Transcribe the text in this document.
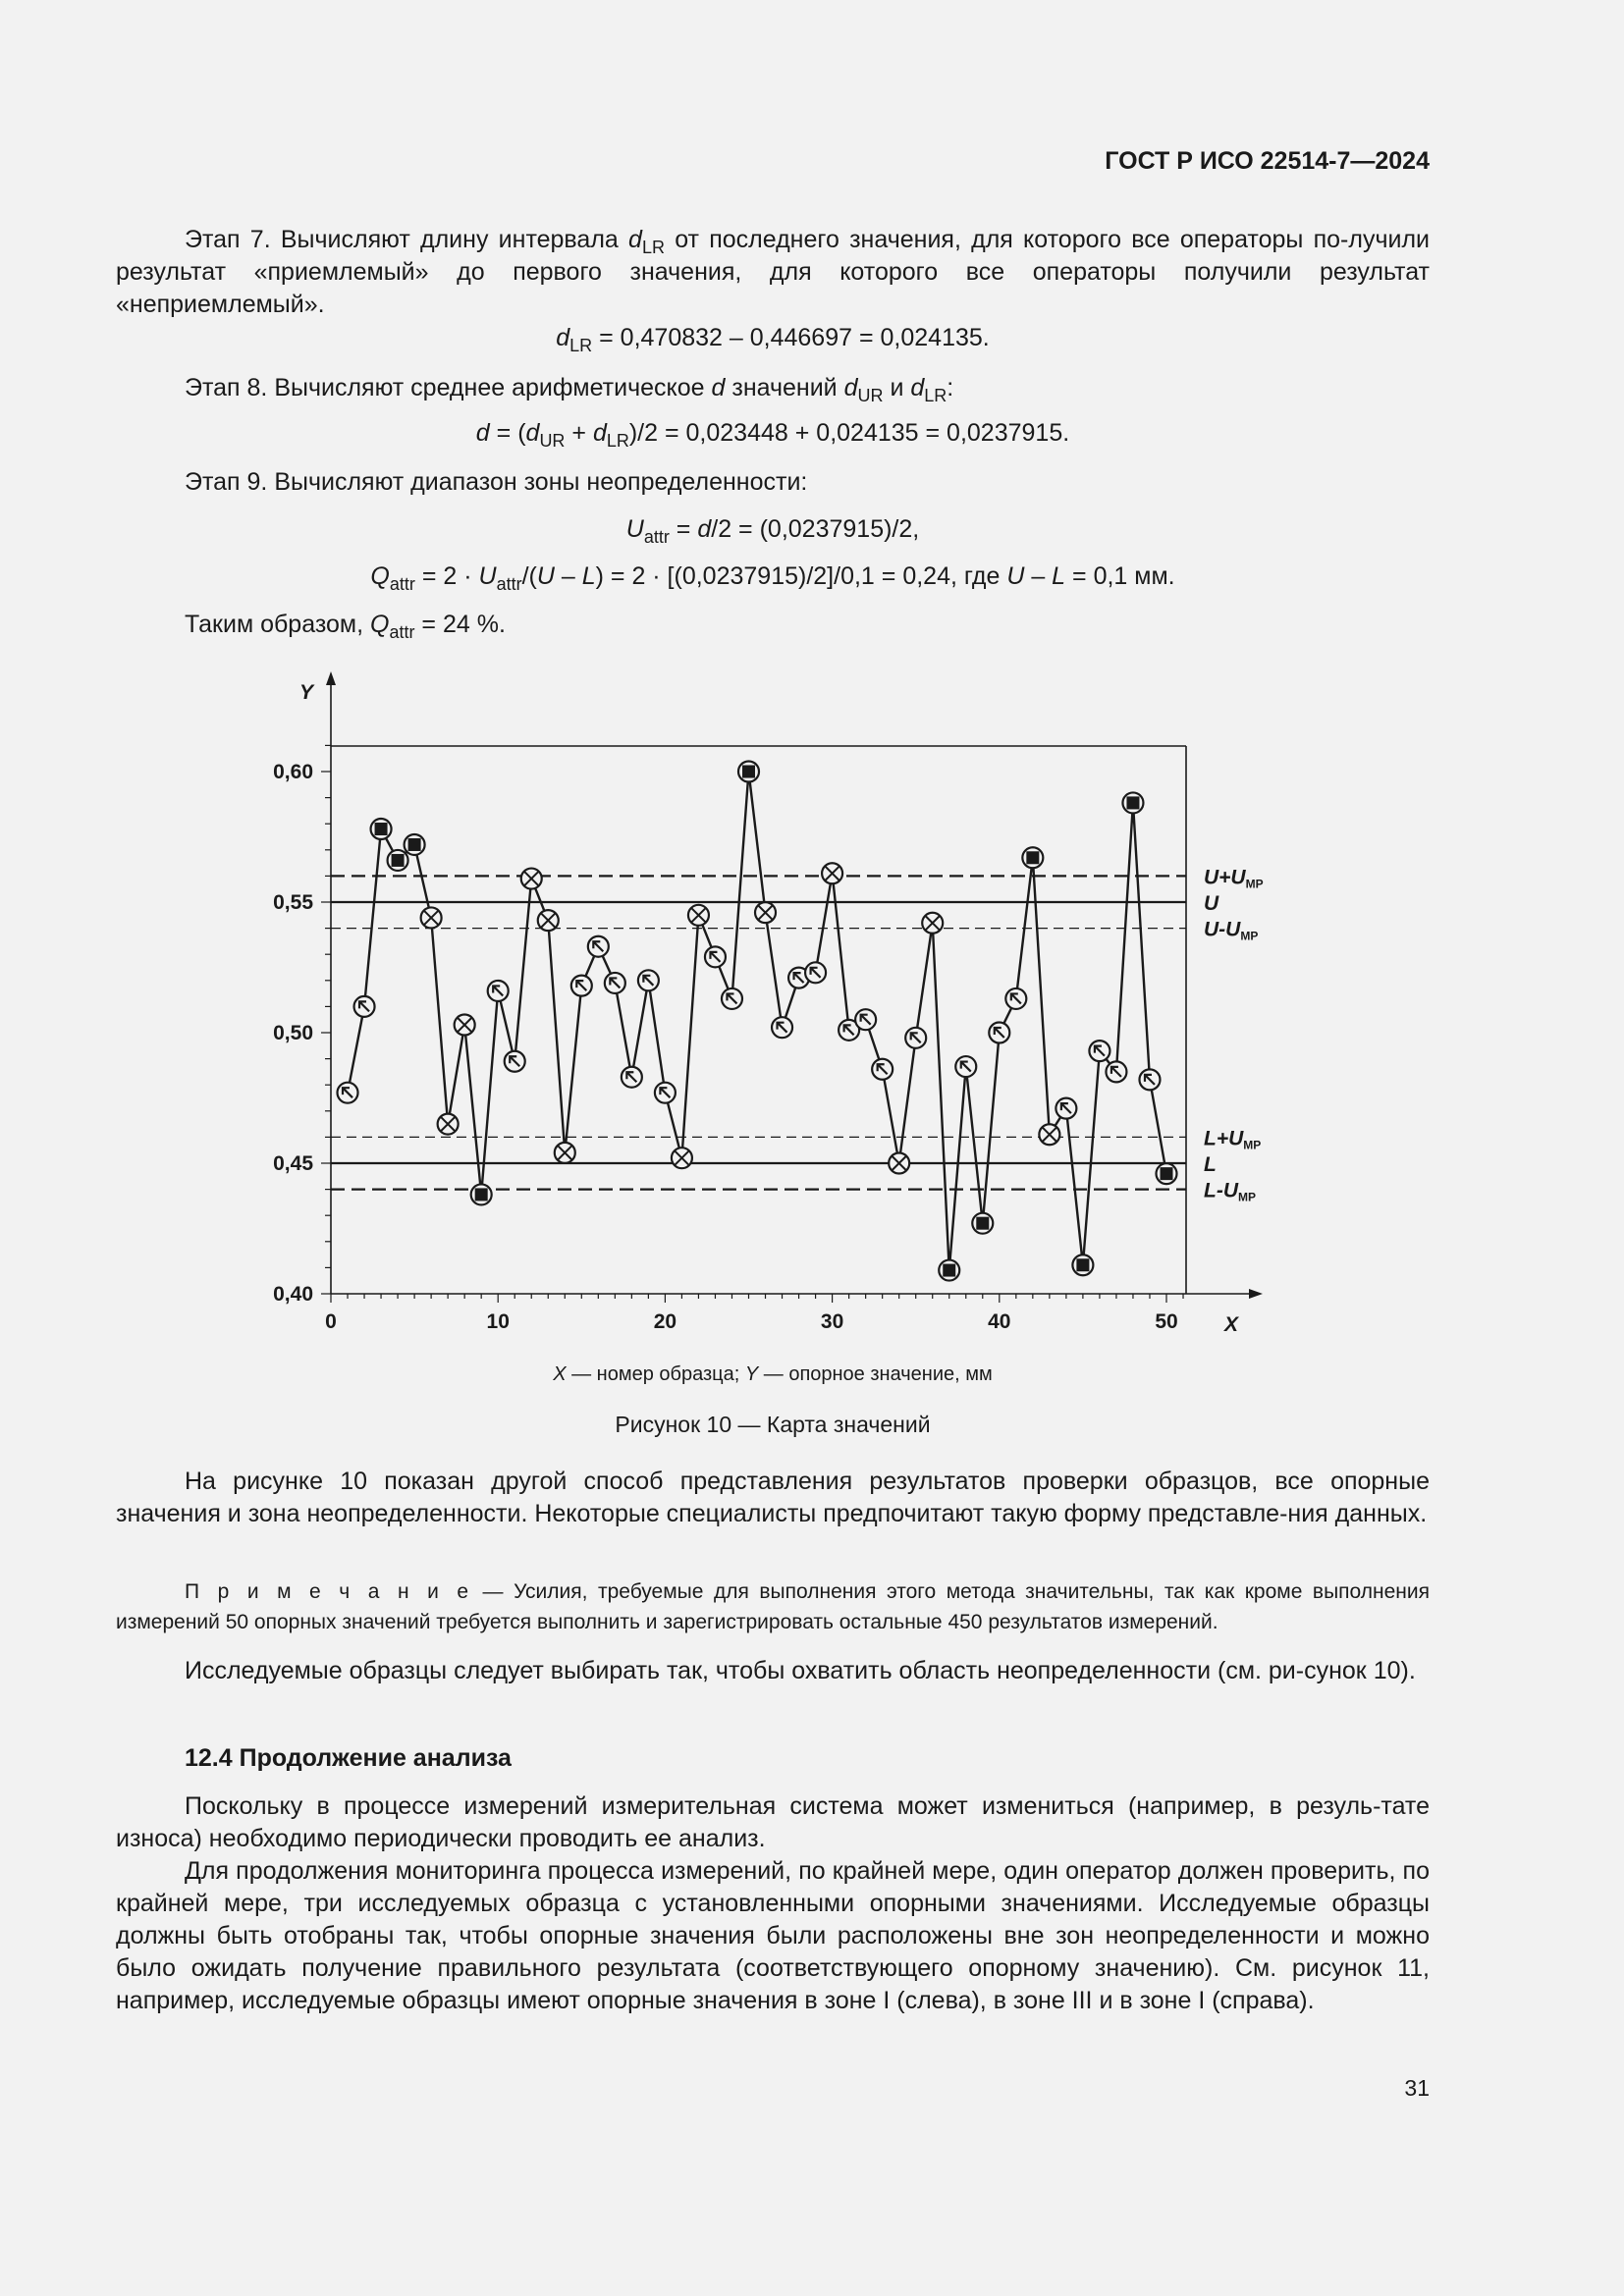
ГОСТ Р ИСО 22514-7—2024

Этап 7. Вычисляют длину интервала $d_{LR}$ от последнего значения, для которого все операторы по-лучили результат «приемлемый» до первого значения, для которого все операторы получили результат «неприемлемый».

$d_{LR} = 0,470832 - 0,446697 = 0,024135$.

Этап 8. Вычисляют среднее арифметическое d значений $d_{UR}$ и $d_{LR}$:

$d = (d_{UR} + d_{LR})/2 = 0,023448 + 0,024135 = 0,0237915$.

Этап 9. Вычисляют диапазон зоны неопределенности:

$U_{attr} = d/2 = (0,0237915)/2$,
$Q_{attr} = 2 \cdot U_{attr}/(U - L) = 2 \cdot [(0,0237915)/2]/0,1 = 0,24$, где U – L = 0,1 мм.

Таким образом, $Q_{attr} = 24$ %.

0,40
0,45
0,50
0,55
0,60
0	10	20	30	40	50
Y
X
U+UMP
U
U-UMP
L+UMP
L
L-UMP
X — номер образца; Y — опорное значение, мм
Рисунок 10 — Карта значений

На рисунке 10 показан другой способ представления результатов проверки образцов, все опорные значения и зона неопределенности. Некоторые специалисты предпочитают такую форму представле-ния данных.

П р и м е ч а н и е — Усилия, требуемые для выполнения этого метода значительны, так как кроме выполнения измерений 50 опорных значений требуется выполнить и зарегистрировать остальные 450 результатов измерений.

Исследуемые образцы следует выбирать так, чтобы охватить область неопределенности (см. ри-сунок 10).

12.4 Продолжение анализа

Поскольку в процессе измерений измерительная система может измениться (например, в резуль-тате износа) необходимо периодически проводить ее анализ.

Для продолжения мониторинга процесса измерений, по крайней мере, один оператор должен проверить, по крайней мере, три исследуемых образца с установленными опорными значениями. Исследуемые образцы должны быть отобраны так, чтобы опорные значения были расположены вне зон неопределенности и можно было ожидать получение правильного результата (соответствующего опорному значению). См. рисунок 11, например, исследуемые образцы имеют опорные значения в зоне I (слева), в зоне III и в зоне I (справа).

31
